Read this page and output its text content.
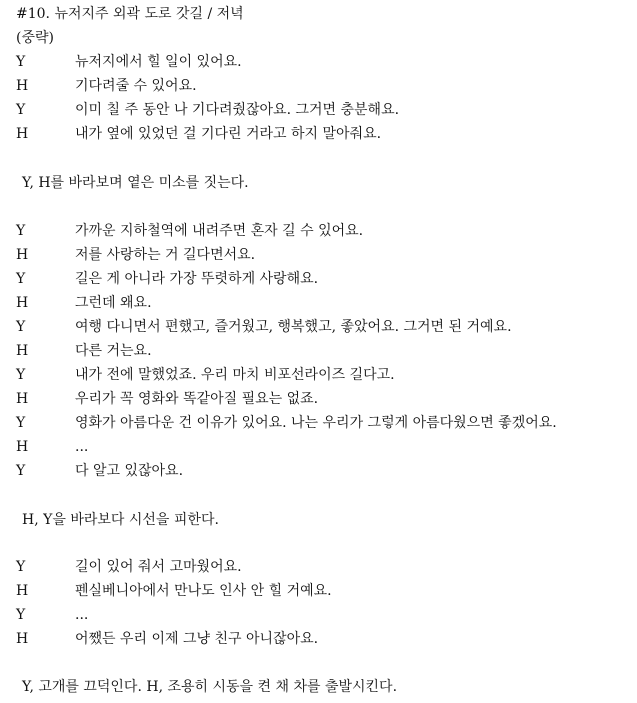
#10. 뉴저지주 외곽 도로 갓길 / 저녁
(중략)
Y	뉴저지에서 힐 일이 있어요.
H	기다려줄 수 있어요.
Y	이미 칠 주 동안 나 기다려줬잖아요. 그거면 충분해요.
H	내가 옆에 있었던 걸 기다린 거라고 하지 말아줘요.
Y, H를 바라보며 옅은 미소를 짓는다.
Y	가까운 지하철역에 내려주면 혼자 길 수 있어요.
H	저를 사랑하는 거 길다면서요.
Y	길은 게 아니라 가장 뚜렷하게 사랑해요.
H	그런데 왜요.
Y	여행 다니면서 편했고, 즐거웠고, 행복했고, 좋았어요. 그거면 된 거예요.
H	다른 거는요.
Y	내가 전에 말했었죠. 우리 마치 비포선라이즈 길다고.
H	우리가 꼭 영화와 똑같아질 필요는 없죠.
Y	영화가 아름다운 건 이유가 있어요. 나는 우리가 그렇게 아름다웠으면 좋겠어요.
H	...
Y	다 알고 있잖아요.
H, Y을 바라보다 시선을 피한다.
Y	길이 있어 줘서 고마웠어요.
H	펜실베니아에서 만나도 인사 안 힐 거예요.
Y	...
H	어쨌든 우리 이제 그냥 친구 아니잖아요.
Y, 고개를 끄덕인다. H, 조용히 시동을 켠 채 차를 출발시킨다.
